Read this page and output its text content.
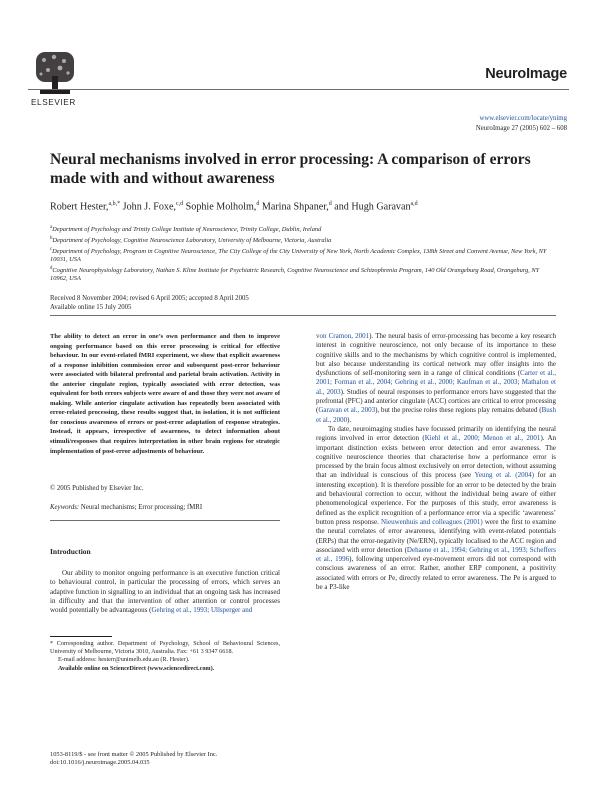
ELSEVIER
NeuroImage
www.elsevier.com/locate/ynimg
NeuroImage 27 (2005) 602 – 608
Neural mechanisms involved in error processing: A comparison of errors made with and without awareness
Robert Hester,$^{a,b,*}$ John J. Foxe,$^{c,d}$ Sophie Molholm,$^d$ Marina Shpaner,$^d$ and Hugh Garavan$^{a,d}$

$^a$Department of Psychology and Trinity College Institute of Neuroscience, Trinity College, Dublin, Ireland

$^b$Department of Psychology, Cognitive Neuroscience Laboratory, University of Melbourne, Victoria, Australia

$^c$Department of Psychology, Program in Cognitive Neuroscience, The City College of the City University of New York, North Academic Complex, 138th Street and Convent Avenue, New York, NY 10031, USA

$^d$Cognitive Neurophysiology Laboratory, Nathan S. Kline Institute for Psychiatric Research, Cognitive Neuroscience and Schizophrenia Program, 140 Old Orangeburg Road, Orangeburg, NY 10962, USA

Received 8 November 2004; revised 6 April 2005; accepted 8 April 2005

Available online 15 July 2005

The ability to detect an error in one’s own performance and then to improve ongoing performance based on this error processing is critical for effective behaviour. In our event-related fMRI experiment, we show that explicit awareness of a response inhibition commission error and subsequent post-error behaviour were associated with bilateral prefrontal and parietal brain activation. Activity in the anterior cingulate region, typically associated with error detection, was equivalent for both errors subjects were aware of and those they were not aware of making. While anterior cingulate activation has repeatedly been associated with error-related processing, these results suggest that, in isolation, it is not sufficient for conscious awareness of errors or post-error adaptation of response strategies. Instead, it appears, irrespective of awareness, to detect information about stimuli/responses that requires interpretation in other brain regions for strategic implementation of post-error adjustments of behaviour.
© 2005 Published by Elsevier Inc.
Keywords: Neural mechanisms; Error processing; fMRI
Introduction

Our ability to monitor ongoing performance is an executive function critical to behavioural control, in particular the processing of errors, which serves an adaptive function in signalling to an individual that an ongoing task has increased in difficulty and that the intervention of other attention or control processes would potentially be advantageous (Gehring et al., 1993; Ullsperger and

* Corresponding author. Department of Psychology, School of Behavioural Sciences, University of Melbourne, Victoria 3010, Australia. Fax: +61 3 9347 6618.

E-mail address: hesterr@unimelb.edu.au (R. Hester).

Available online on ScienceDirect (www.sciencedirect.com).

1053-8119/$ - see front matter © 2005 Published by Elsevier Inc.

doi:10.1016/j.neuroimage.2005.04.035

von Cramon, 2001). The neural basis of error-processing has become a key research interest in cognitive neuroscience, not only because of its importance to these cognitive skills and to the mechanisms by which cognitive control is implemented, but also because understanding its cortical network may offer insights into the dysfunctions of self-monitoring seen in a range of clinical conditions (Carter et al., 2001; Forman et al., 2004; Gehring et al., 2000; Kaufman et al., 2003; Mathalon et al., 2003). Studies of neural responses to performance errors have suggested that the prefrontal (PFC) and anterior cingulate (ACC) cortices are critical to error processing (Garavan et al., 2003), but the precise roles these regions play remains debated (Bush et al., 2000).

To date, neuroimaging studies have focussed primarily on identifying the neural regions involved in error detection (Kiehl et al., 2000; Menon et al., 2001). An important distinction exists between error detection and error awareness. The cognitive neuroscience theories that characterise how a performance error is processed by the brain focus almost exclusively on error detection, without assuming that an individual is conscious of this process (see Yeung et al. (2004) for an interesting exception). It is therefore possible for an error to be detected by the brain and behavioural correction to occur, without the individual being aware of either phenomenological experience. For the purposes of this study, error awareness is defined as the explicit recognition of a performance error via a specific ‘awareness’ button press response. Nieuwenhuis and colleagues (2001) were the first to examine the neural correlates of error awareness, identifying with event-related potentials (ERPs) that the error-negativity (Ne/ERN), typically localised to the ACC region and associated with error detection (Dehaene et al., 1994; Gehring et al., 1993; Scheffers et al., 1996), following unperceived eye-movement errors did not correspond with conscious awareness of an error. Rather, another ERP component, a positivity associated with errors or Pe, directly related to error awareness. The Pe is argued to be a P3-like
